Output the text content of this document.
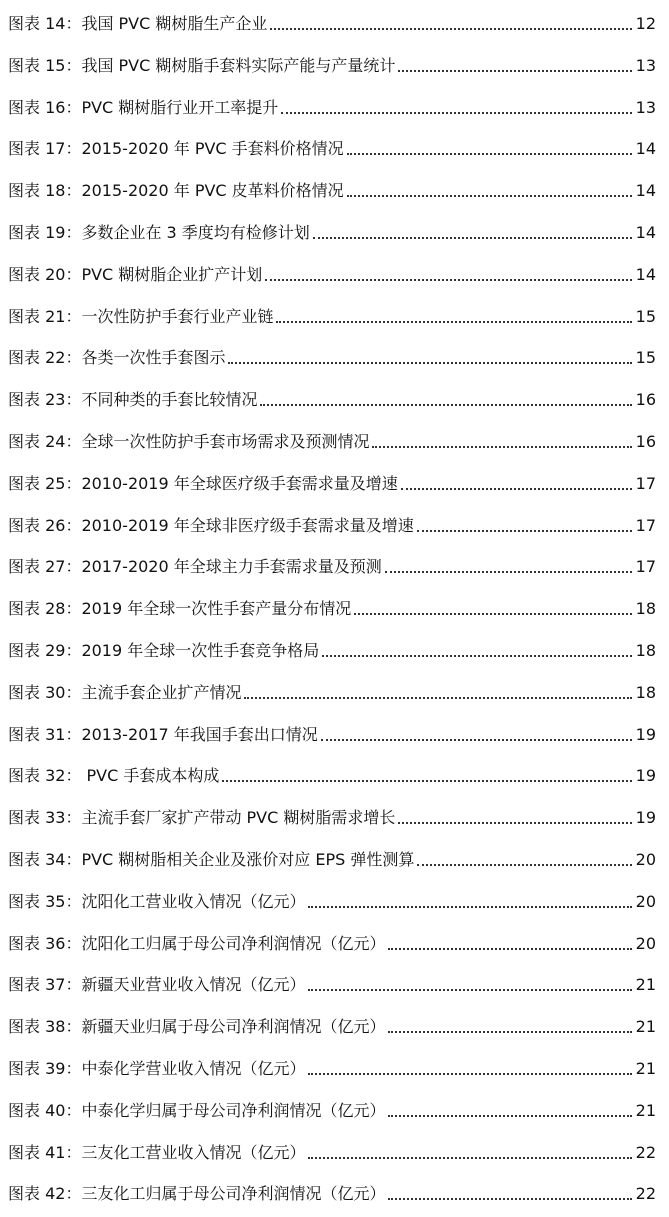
图表 14：我国 PVC 糊树脂生产企业	12
图表 15：我国 PVC 糊树脂手套料实际产能与产量统计	13
图表 16：PVC 糊树脂行业开工率提升	13
图表 17：2015-2020 年 PVC 手套料价格情况	14
图表 18：2015-2020 年 PVC 皮革料价格情况	14
图表 19：多数企业在 3 季度均有检修计划	14
图表 20：PVC 糊树脂企业扩产计划	14
图表 21：一次性防护手套行业产业链	15
图表 22：各类一次性手套图示	15
图表 23：不同种类的手套比较情况	16
图表 24：全球一次性防护手套市场需求及预测情况	16
图表 25：2010-2019 年全球医疗级手套需求量及增速	17
图表 26：2010-2019 年全球非医疗级手套需求量及增速	17
图表 27：2017-2020 年全球主力手套需求量及预测	17
图表 28：2019 年全球一次性手套产量分布情况	18
图表 29：2019 年全球一次性手套竞争格局	18
图表 30：主流手套企业扩产情况	18
图表 31：2013-2017 年我国手套出口情况	19
图表 32： PVC 手套成本构成	19
图表 33：主流手套厂家扩产带动 PVC 糊树脂需求增长	19
图表 34：PVC 糊树脂相关企业及涨价对应 EPS 弹性测算	20
图表 35：沈阳化工营业收入情况（亿元）	20
图表 36：沈阳化工归属于母公司净利润情况（亿元）	20
图表 37：新疆天业营业收入情况（亿元）	21
图表 38：新疆天业归属于母公司净利润情况（亿元）	21
图表 39：中泰化学营业收入情况（亿元）	21
图表 40：中泰化学归属于母公司净利润情况（亿元）	21
图表 41：三友化工营业收入情况（亿元）	22
图表 42：三友化工归属于母公司净利润情况（亿元）	22
